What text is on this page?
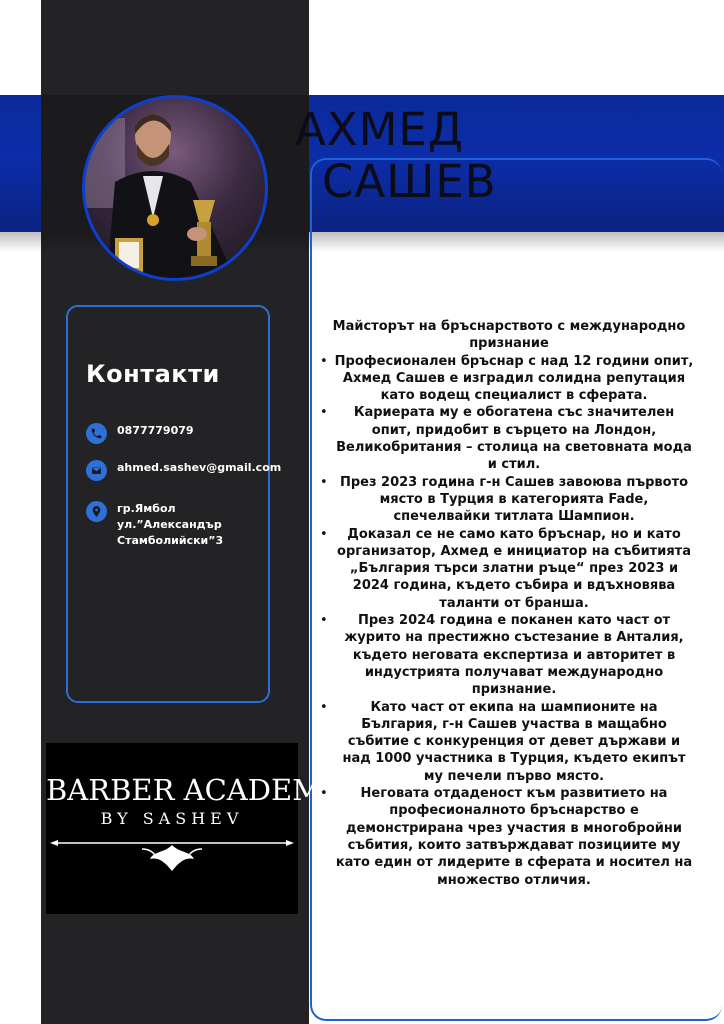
АХМЕД
САШЕВ
Контакти
0877779079
ahmed.sashev@gmail.com
гр.Ямбол
ул.”Александър
Стамболийски”3
BARBER ACADEMY
BY SASHEV
Майсторът на бръснарството с международно признание
• Професионален бръснар с над 12 години опит, Ахмед Сашев е изградил солидна репутация като водещ специалист в сферата.
• Кариерата му е обогатена със значителен опит, придобит в сърцето на Лондон, Великобритания – столица на световната мода и стил.
• През 2023 година г-н Сашев завоюва първото място в Турция в категорията Fade, спечелвайки титлата Шампион.
• Доказал се не само като бръснар, но и като организатор, Ахмед е инициатор на събитията „България търси златни ръце“ през 2023 и 2024 година, където събира и вдъхновява таланти от бранша.
• През 2024 година е поканен като част от журито на престижно състезание в Анталия, където неговата експертиза и авторитет в индустрията получават международно признание.
• Като част от екипа на шампионите на България, г-н Сашев участва в мащабно събитие с конкуренция от девет държави и над 1000 участника в Турция, където екипът му печели първо място.
• Неговата отдаденост към развитието на професионалното бръснарство е демонстрирана чрез участия в многобройни събития, които затвърждават позициите му като един от лидерите в сферата и носител на множество отличия.
